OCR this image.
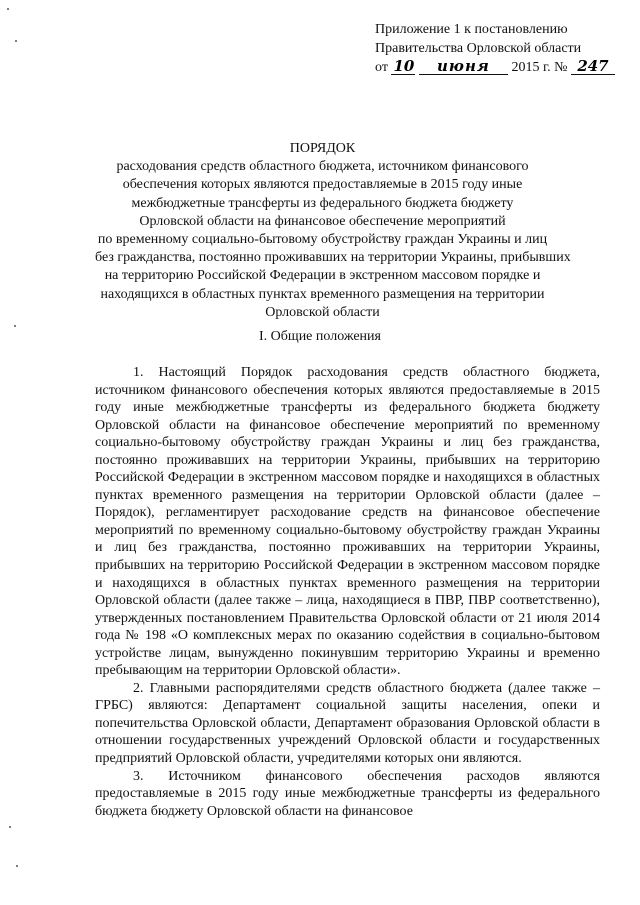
Приложение 1 к постановлению
Правительства Орловской области
от 10 июня 2015 г. № 247
ПОРЯДОК
расходования средств областного бюджета, источником финансового
обеспечения которых являются предоставляемые в 2015 году иные
межбюджетные трансферты из федерального бюджета бюджету
Орловской области на финансовое обеспечение мероприятий
по временному социально-бытовому обустройству граждан Украины и лиц
без гражданства, постоянно проживавших на территории Украины, прибывших
на территорию Российской Федерации в экстренном массовом порядке и
находящихся в областных пунктах временного размещения на территории
Орловской области
I. Общие положения

1. Настоящий Порядок расходования средств областного бюджета, источником финансового обеспечения которых являются предоставляемые в 2015 году иные межбюджетные трансферты из федерального бюджета бюджету Орловской области на финансовое обеспечение мероприятий по временному социально-бытовому обустройству граждан Украины и лиц без гражданства, постоянно проживавших на территории Украины, прибывших на территорию Российской Федерации в экстренном массовом порядке и находящихся в областных пунктах временного размещения на территории Орловской области (далее – Порядок), регламентирует расходование средств на финансовое обеспечение мероприятий по временному социально-бытовому обустройству граждан Украины и лиц без гражданства, постоянно проживавших на территории Украины, прибывших на территорию Российской Федерации в экстренном массовом порядке и находящихся в областных пунктах временного размещения на территории Орловской области (далее также – лица, находящиеся в ПВР, ПВР соответственно), утвержденных постановлением Правительства Орловской области от 21 июля 2014 года № 198 «О комплексных мерах по оказанию содействия в социально-бытовом устройстве лицам, вынужденно покинувшим территорию Украины и временно пребывающим на территории Орловской области».

2. Главными распорядителями средств областного бюджета (далее также – ГРБС) являются: Департамент социальной защиты населения, опеки и попечительства Орловской области, Департамент образования Орловской области в отношении государственных учреждений Орловской области и государственных предприятий Орловской области, учредителями которых они являются.

3. Источником финансового обеспечения расходов являются предоставляемые в 2015 году иные межбюджетные трансферты из федерального бюджета бюджету Орловской области на финансовое
